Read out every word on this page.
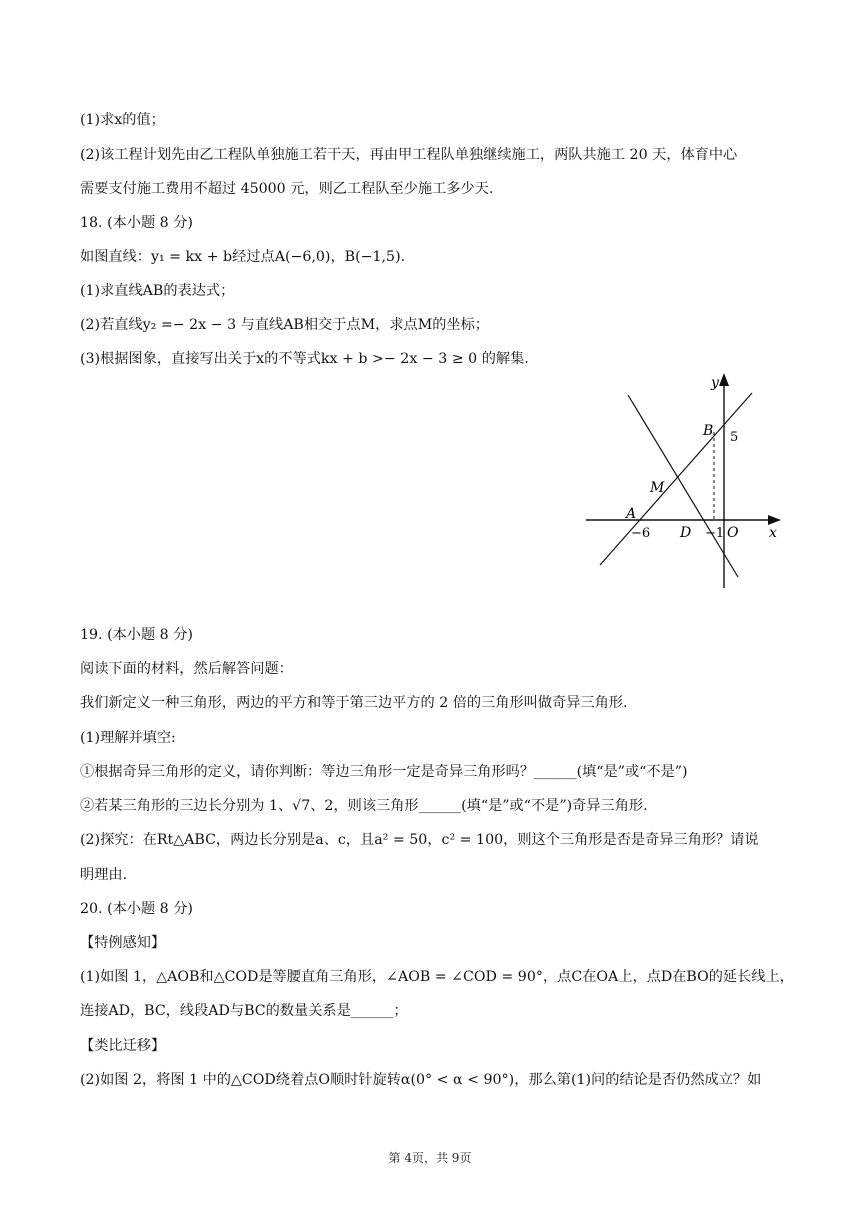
(1)求x的值；
(2)该工程计划先由乙工程队单独施工若干天，再由甲工程队单独继续施工，两队共施工 20 天，体育中心
需要支付施工费用不超过 45000 元，则乙工程队至少施工多少天.
18. (本小题 8 分)
如图直线：y₁ = kx + b经过点A(−6,0)，B(−1,5).
(1)求直线AB的表达式；
(2)若直线y₂ =− 2x − 3 与直线AB相交于点M，求点M的坐标；
(3)根据图象，直接写出关于x的不等式kx + b >− 2x − 3 ≥ 0 的解集.
y
x
B 5
M
A
−6 D −1 O
19. (本小题 8 分)
阅读下面的材料，然后解答问题：
我们新定义一种三角形，两边的平方和等于第三边平方的 2 倍的三角形叫做奇异三角形.
(1)理解并填空:
①根据奇异三角形的定义，请你判断：等边三角形一定是奇异三角形吗？______(填“是”或“不是”)
②若某三角形的三边长分别为 1、√7、2，则该三角形______(填“是”或“不是”)奇异三角形.
(2)探究：在Rt△ABC，两边长分别是a、c，且a² = 50，c² = 100，则这个三角形是否是奇异三角形？请说
明理由.
20. (本小题 8 分)
【特例感知】
(1)如图 1，△AOB和△COD是等腰直角三角形，∠AOB = ∠COD = 90°，点C在OA上，点D在BO的延长线上，
连接AD，BC，线段AD与BC的数量关系是______；
【类比迁移】
(2)如图 2，将图 1 中的△COD绕着点O顺时针旋转α(0° < α < 90°)，那么第(1)问的结论是否仍然成立？如
第 4页，共 9页
